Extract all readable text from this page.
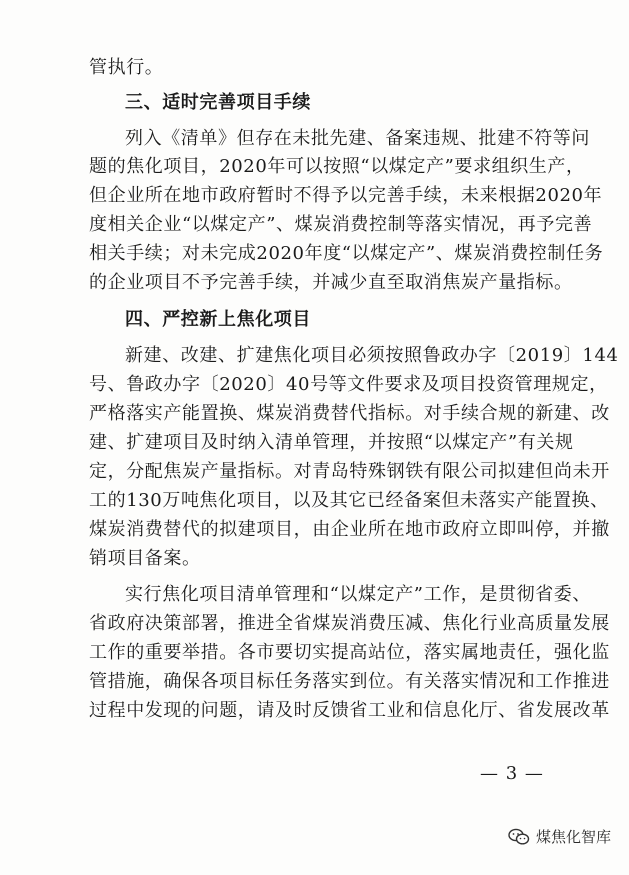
管执行。
三、适时完善项目手续
列入《清单》但存在未批先建、备案违规、批建不符等问
题的焦化项目，2020年可以按照“以煤定产”要求组织生产，
但企业所在地市政府暂时不得予以完善手续，未来根据2020年
度相关企业“以煤定产”、煤炭消费控制等落实情况，再予完善
相关手续；对未完成2020年度“以煤定产”、煤炭消费控制任务
的企业项目不予完善手续，并减少直至取消焦炭产量指标。
四、严控新上焦化项目
新建、改建、扩建焦化项目必须按照鲁政办字〔2019〕144
号、鲁政办字〔2020〕40号等文件要求及项目投资管理规定，
严格落实产能置换、煤炭消费替代指标。对手续合规的新建、改
建、扩建项目及时纳入清单管理，并按照“以煤定产”有关规
定，分配焦炭产量指标。对青岛特殊钢铁有限公司拟建但尚未开
工的130万吨焦化项目，以及其它已经备案但未落实产能置换、
煤炭消费替代的拟建项目，由企业所在地市政府立即叫停，并撤
销项目备案。
实行焦化项目清单管理和“以煤定产”工作，是贯彻省委、
省政府决策部署，推进全省煤炭消费压减、焦化行业高质量发展
工作的重要举措。各市要切实提高站位，落实属地责任，强化监
管措施，确保各项目标任务落实到位。有关落实情况和工作推进
过程中发现的问题，请及时反馈省工业和信息化厅、省发展改革
— 3 —
煤焦化智库
